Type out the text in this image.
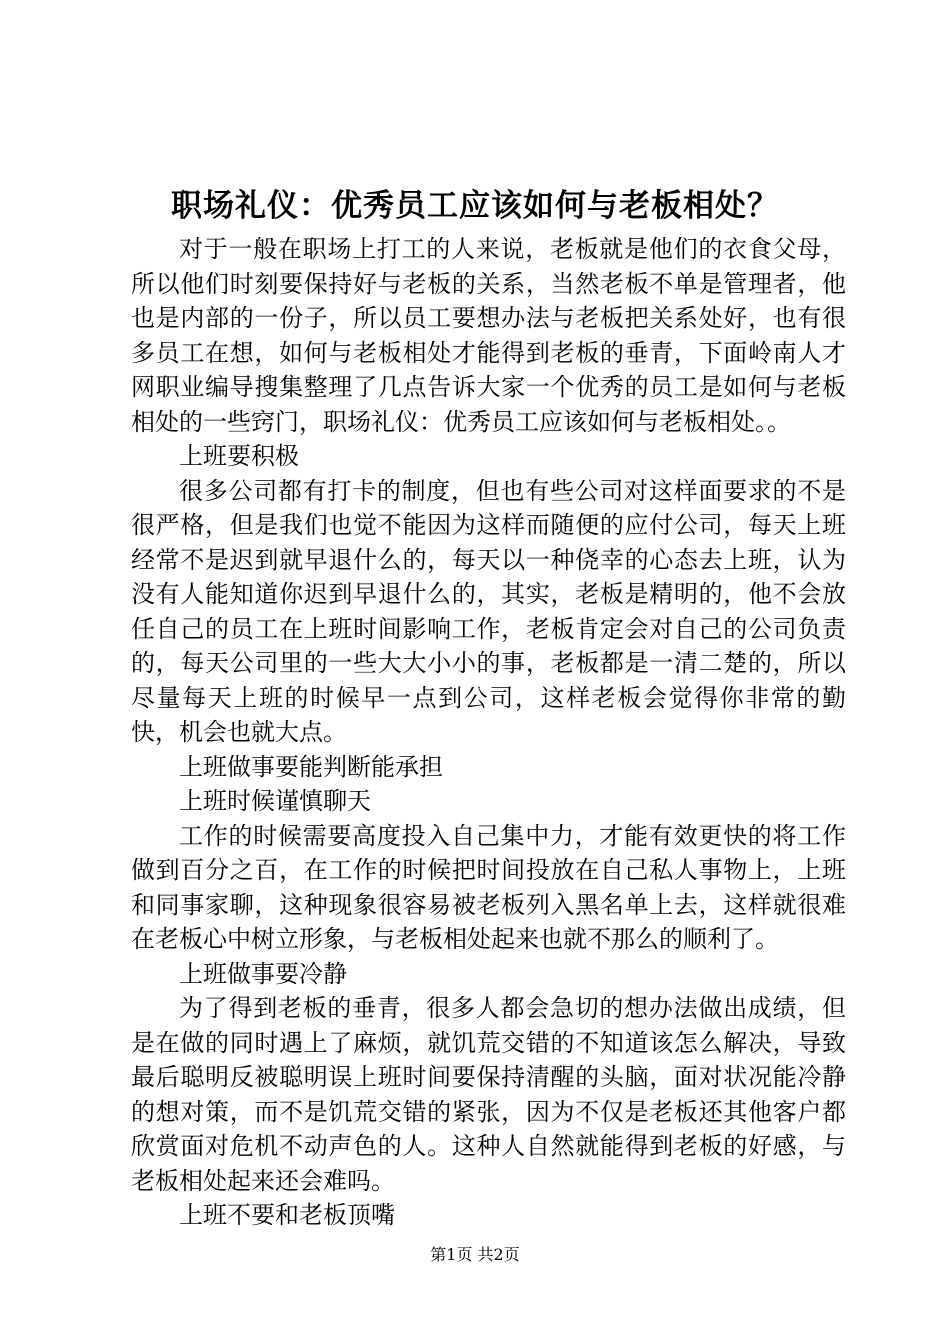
职场礼仪：优秀员工应该如何与老板相处？

对于一般在职场上打工的人来说，老板就是他们的衣食父母，所以他们时刻要保持好与老板的关系，当然老板不单是管理者，他也是内部的一份子，所以员工要想办法与老板把关系处好，也有很多员工在想，如何与老板相处才能得到老板的垂青，下面岭南人才网职业编导搜集整理了几点告诉大家一个优秀的员工是如何与老板相处的一些窍门，职场礼仪：优秀员工应该如何与老板相处。。

上班要积极

很多公司都有打卡的制度，但也有些公司对这样面要求的不是很严格，但是我们也觉不能因为这样而随便的应付公司，每天上班经常不是迟到就早退什么的，每天以一种侥幸的心态去上班，认为没有人能知道你迟到早退什么的，其实，老板是精明的，他不会放任自己的员工在上班时间影响工作，老板肯定会对自己的公司负责的，每天公司里的一些大大小小的事，老板都是一清二楚的，所以尽量每天上班的时候早一点到公司，这样老板会觉得你非常的勤快，机会也就大点。

上班做事要能判断能承担

上班时候谨慎聊天

工作的时候需要高度投入自己集中力，才能有效更快的将工作做到百分之百，在工作的时候把时间投放在自己私人事物上，上班和同事家聊，这种现象很容易被老板列入黑名单上去，这样就很难在老板心中树立形象，与老板相处起来也就不那么的顺利了。

上班做事要冷静

为了得到老板的垂青，很多人都会急切的想办法做出成绩，但是在做的同时遇上了麻烦，就饥荒交错的不知道该怎么解决，导致最后聪明反被聪明误上班时间要保持清醒的头脑，面对状况能冷静的想对策，而不是饥荒交错的紧张，因为不仅是老板还其他客户都欣赏面对危机不动声色的人。这种人自然就能得到老板的好感，与老板相处起来还会难吗。

上班不要和老板顶嘴

第1页 共2页
